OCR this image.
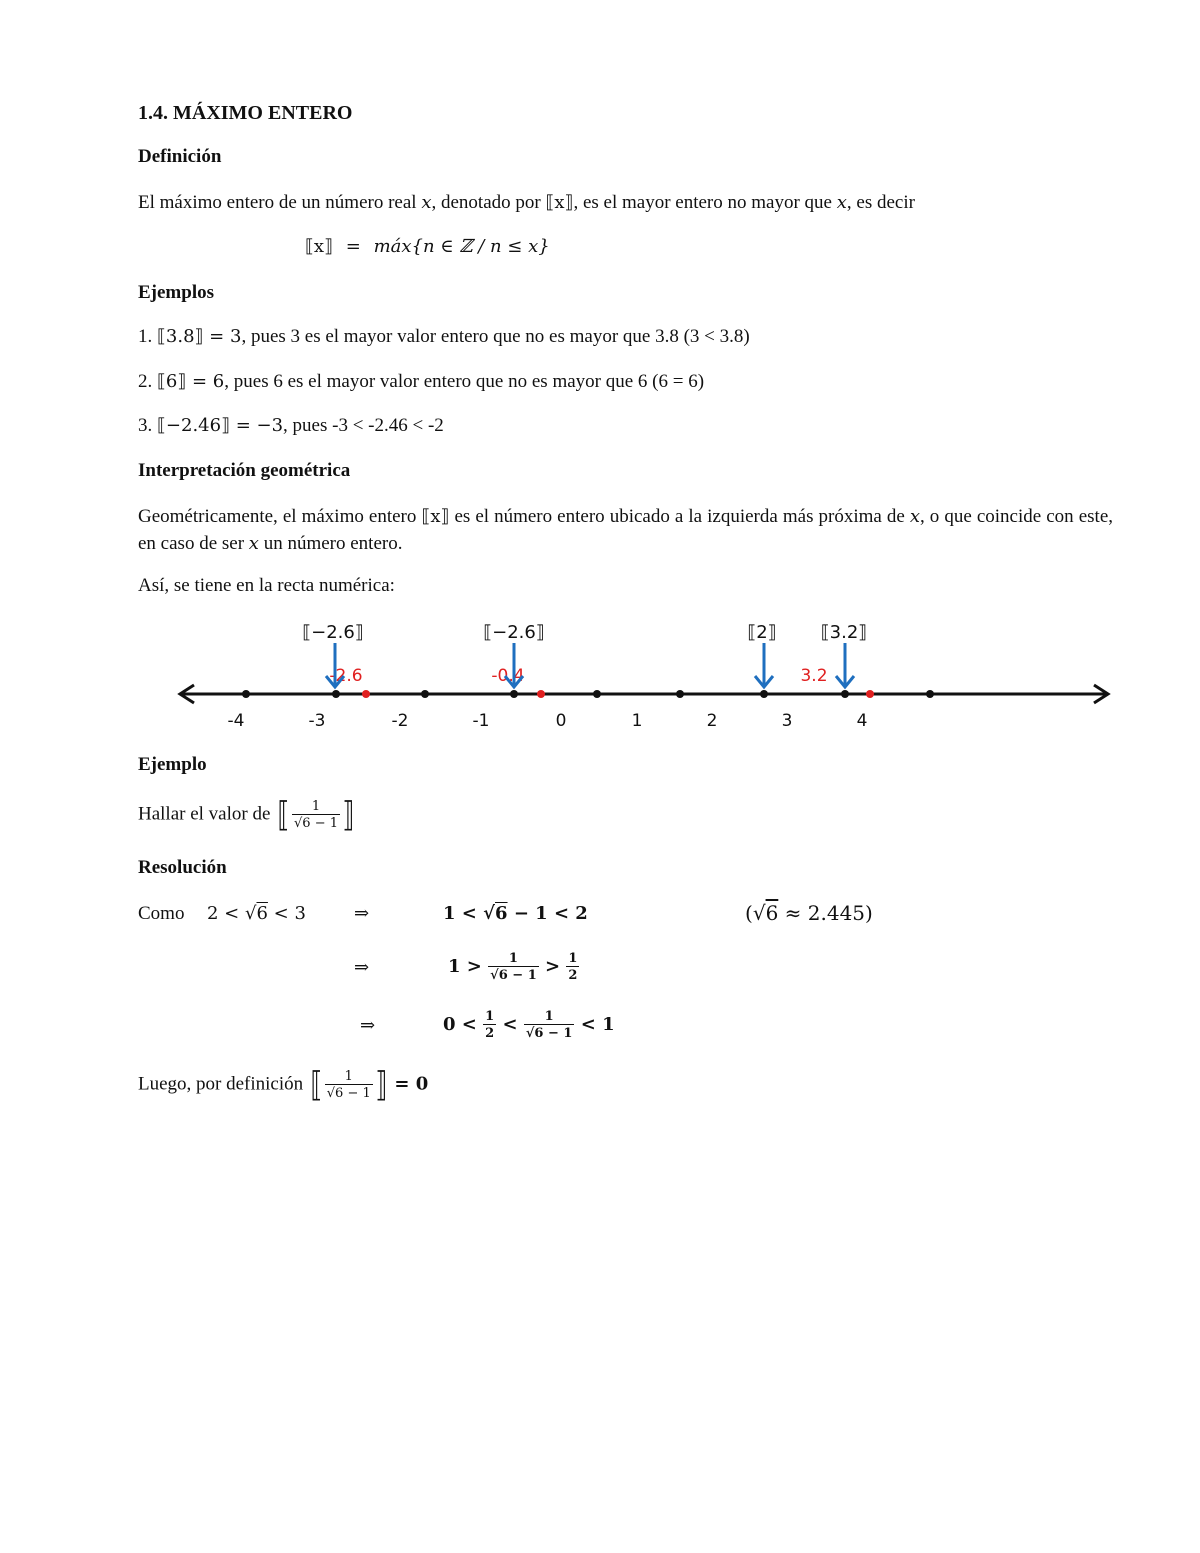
1.4. MÁXIMO ENTERO
Definición
El máximo entero de un número real x, denotado por ⟦x⟧, es el mayor entero no mayor que x, es decir
⟦x⟧ = máx{n ∈ ℤ / n ≤ x}
Ejemplos
1. ⟦3.8⟧ = 3, pues 3 es el mayor valor entero que no es mayor que 3.8 (3 < 3.8)
2. ⟦6⟧ = 6, pues 6 es el mayor valor entero que no es mayor que 6 (6 = 6)
3. ⟦−2.46⟧ = −3, pues -3 < -2.46 < -2
Interpretación geométrica
Geométricamente, el máximo entero ⟦x⟧ es el número entero ubicado a la izquierda más próxima de x, o que coincide con este, en caso de ser x un número entero.
Así, se tiene en la recta numérica:
⟦−2.6⟧	⟦−2.6⟧	⟦2⟧ ⟦3.2⟧
-2.6	-0.4	3.2
-4	-3	-2	-1	0	1	2	3	4
Ejemplo
Hallar el valor de ⟦ $\frac{1}{√6 - 1}$ ⟧
Resolución
Como 2 < √6 < 3	⇒	1 < √6 − 1 < 2	(√6 ≈ 2.445)
⇒	$1 > \frac{1}{√6 - 1} > \frac{1}{2}$
⇒	$0 < \frac{1}{2} < \frac{1}{√6 - 1} < 1$
Luego, por definición ⟦ $\frac{1}{√6 - 1}$ ⟧ = 0
